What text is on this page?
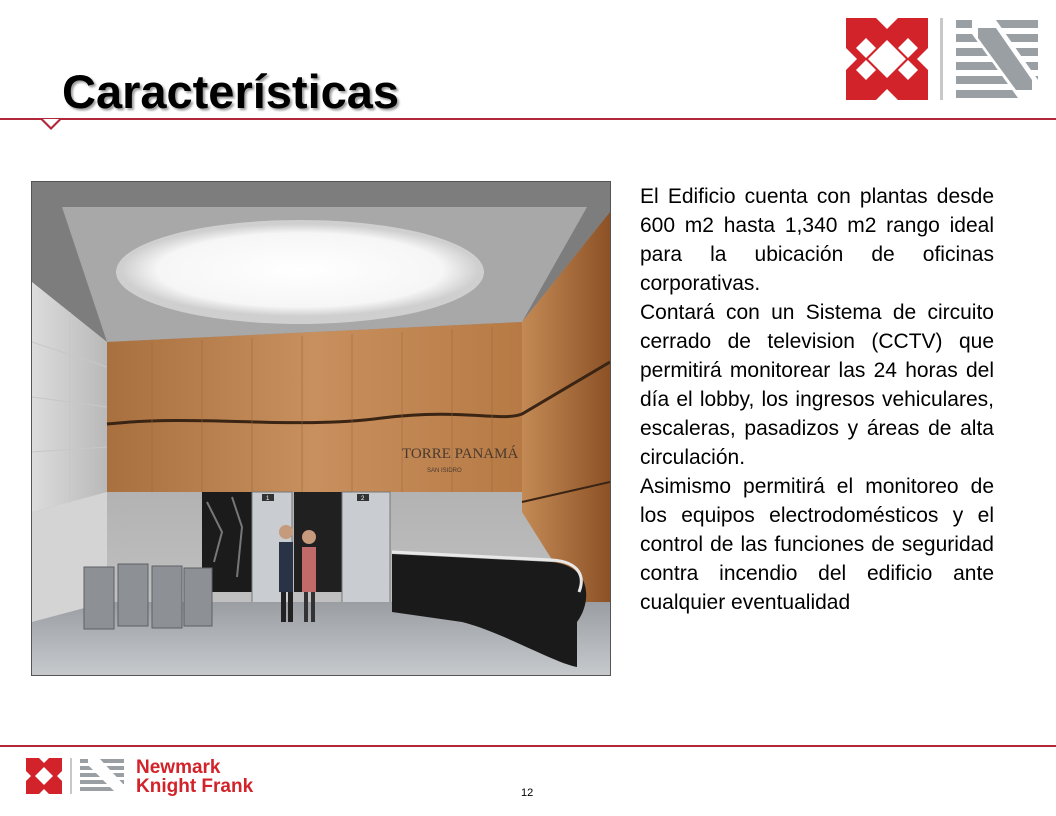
Características
TORRE PANAMÁ
SAN ISIDRO
1	2

El Edificio cuenta con plantas desde 600 m2 hasta 1,340 m2 rango ideal para la ubicación de oficinas corporativas.

Contará con un Sistema de circuito cerrado de television (CCTV) que permitirá monitorear las 24 horas del día el lobby, los ingresos vehiculares, escaleras, pasadizos y áreas de alta circulación.

Asimismo permitirá el monitoreo de los equipos electrodomésticos y el control de las funciones de seguridad contra incendio del edificio ante cualquier eventualidad

Newmark
Knight Frank	12
